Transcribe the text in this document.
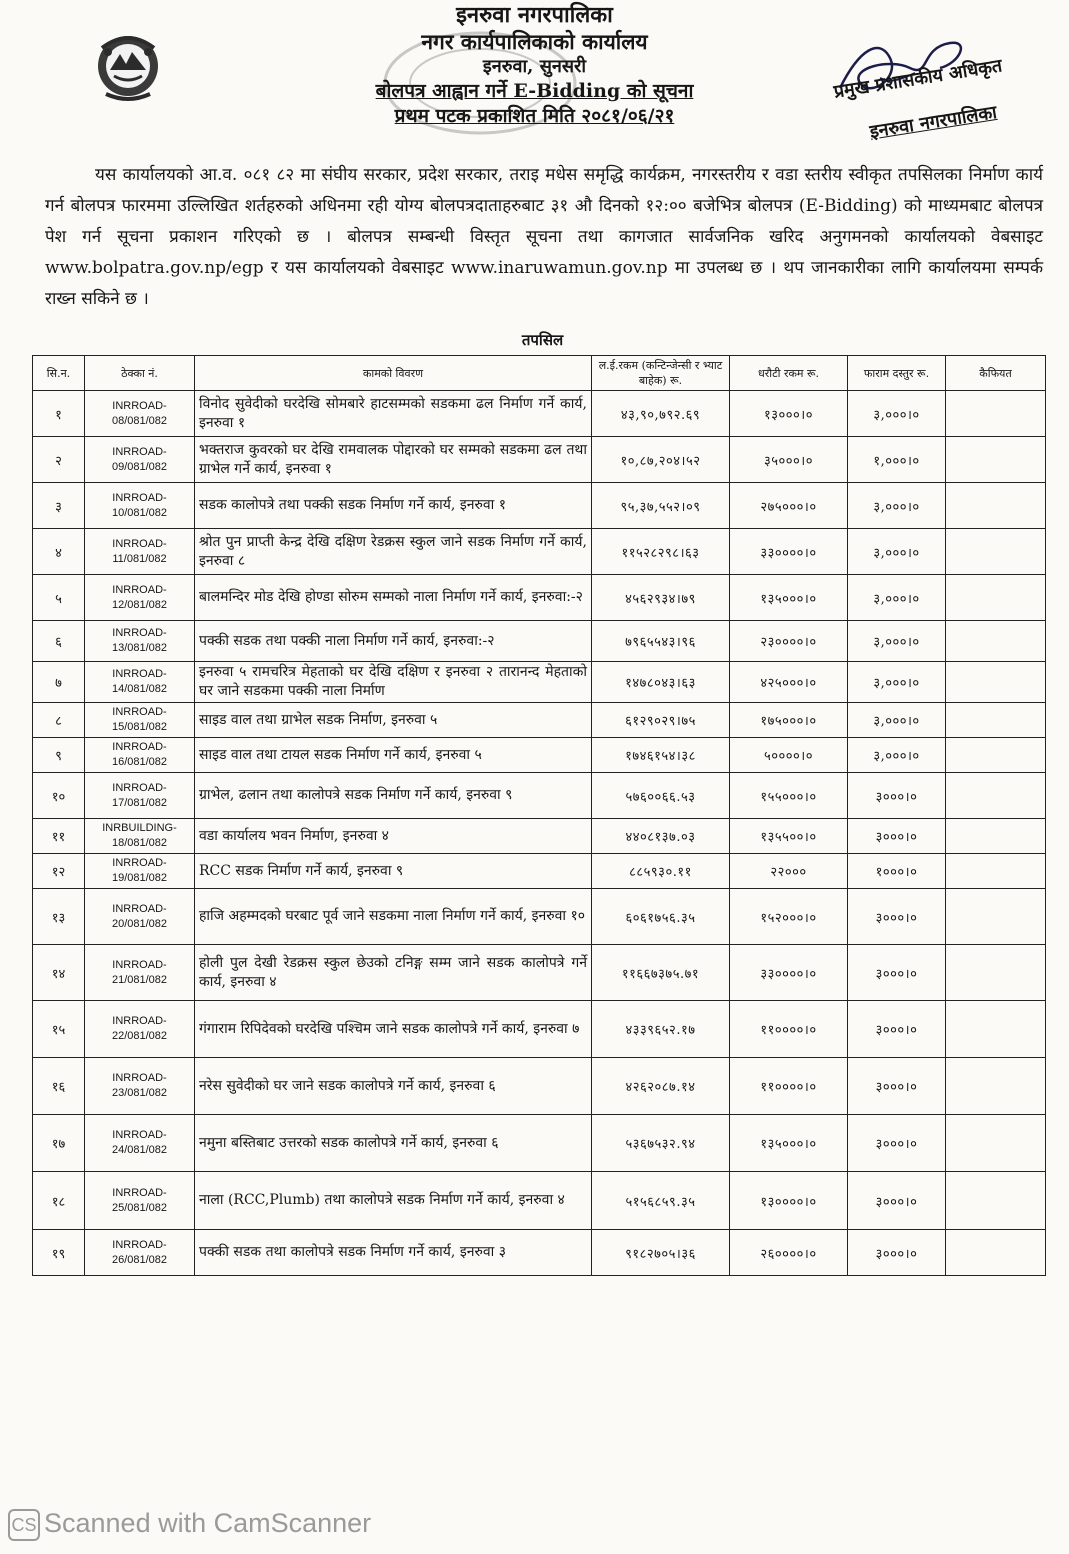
इनरुवा नगरपालिका
नगर कार्यपालिकाको कार्यालय
इनरुवा, सुनसरी
बोलपत्र आह्वान गर्ने E-Bidding को सूचना
प्रथम पटक प्रकाशित मिति २०८१/०६/२१
प्रमुख प्रशासकीय अधिकृत
इनरुवा नगरपालिका
यस कार्यालयको आ.व. ०८१ ८२ मा संघीय सरकार, प्रदेश सरकार, तराइ मधेस समृद्धि कार्यक्रम, नगरस्तरीय र वडा स्तरीय स्वीकृत तपसिलका निर्माण कार्य गर्न बोलपत्र फारममा उल्लिखित शर्तहरुको अधिनमा रही योग्य बोलपत्रदाताहरुबाट ३१ औ दिनको १२:०० बजेभित्र बोलपत्र (E-Bidding) को माध्यमबाट बोलपत्र पेश गर्न सूचना प्रकाशन गरिएको छ । बोलपत्र सम्बन्धी विस्तृत सूचना तथा कागजात सार्वजनिक खरिद अनुगमनको कार्यालयको वेबसाइट www.bolpatra.gov.np/egp र यस कार्यालयको वेबसाइट www.inaruwamun.gov.np मा उपलब्ध छ । थप जानकारीका लागि कार्यालयमा सम्पर्क राख्न सकिने छ ।
तपसिल
सि.न.	ठेक्का नं.	कामको विवरण	ल.ई.रकम (कन्टिन्जेन्सी र भ्याट बाहेक) रू.	धरौटी रकम रू.	फाराम दस्तुर रू.	कैफियत
१	INRROAD-08/081/082	विनोद सुवेदीको घरदेखि सोमबारे हाटसम्मको सडकमा ढल निर्माण गर्ने कार्य, इनरुवा १	४३,९०,७९२.६९	१३०००।०	३,०००।०	
२	INRROAD-09/081/082	भक्तराज कुवरको घर देखि रामवालक पोद्दारको घर सम्मको सडकमा ढल तथा ग्राभेल गर्ने कार्य, इनरुवा १	१०,८७,२०४।५२	३५०००।०	१,०००।०	
३	INRROAD-10/081/082	सडक कालोपत्रे तथा पक्की सडक निर्माण गर्ने कार्य, इनरुवा १	९५,३७,५५२।०९	२७५०००।०	३,०००।०	
४	INRROAD-11/081/082	श्रोत पुन प्राप्ती केन्द्र देखि दक्षिण रेडक्रस स्कुल जाने सडक निर्माण गर्ने कार्य, इनरुवा ८	११५२८२९८।६३	३३००००।०	३,०००।०	
५	INRROAD-12/081/082	बालमन्दिर मोड देखि होण्डा सोरुम सम्मको नाला निर्माण गर्ने कार्य, इनरुवा:-२	४५६२९३४।७९	१३५०००।०	३,०००।०	
६	INRROAD-13/081/082	पक्की सडक तथा पक्की नाला निर्माण गर्ने कार्य, इनरुवा:-२	७९६५५४३।९६	२३००००।०	३,०००।०	
७	INRROAD-14/081/082	इनरुवा ५ रामचरित्र मेहताको घर देखि दक्षिण र इनरुवा २ तारानन्द मेहताको घर जाने सडकमा पक्की नाला निर्माण	१४७८०४३।६३	४२५०००।०	३,०००।०	
८	INRROAD-15/081/082	साइड वाल तथा ग्राभेल सडक निर्माण, इनरुवा ५	६१२९०२९।७५	१७५०००।०	३,०००।०	
९	INRROAD-16/081/082	साइड वाल तथा टायल सडक निर्माण गर्ने कार्य, इनरुवा ५	१७४६१५४।३८	५००००।०	३,०००।०	
१०	INRROAD-17/081/082	ग्राभेल, ढलान तथा कालोपत्रे सडक निर्माण गर्ने कार्य, इनरुवा ९	५७६००६६.५३	१५५०००।०	३०००।०	
११	INRBUILDING-18/081/082	वडा कार्यालय भवन निर्माण, इनरुवा ४	४४०८१३७.०३	१३५५००।०	३०००।०	
१२	INRROAD-19/081/082	RCC सडक निर्माण गर्ने कार्य, इनरुवा ९	८८५९३०.११	२२०००	१०००।०	
१३	INRROAD-20/081/082	हाजि अहम्मदको घरबाट पूर्व जाने सडकमा नाला निर्माण गर्ने कार्य, इनरुवा १०	६०६१७५६.३५	१५२०००।०	३०००।०	
१४	INRROAD-21/081/082	होली पुल देखी रेडक्रस स्कुल छेउको टनिङ्ग सम्म जाने सडक कालोपत्रे गर्ने कार्य, इनरुवा ४	११६६७३७५.७१	३३००००।०	३०००।०	
१५	INRROAD-22/081/082	गंगाराम रिपिदेवको घरदेखि पश्चिम जाने सडक कालोपत्रे गर्ने कार्य, इनरुवा ७	४३३९६५२.१७	११००००।०	३०००।०	
१६	INRROAD-23/081/082	नरेस सुवेदीको घर जाने सडक कालोपत्रे गर्ने कार्य, इनरुवा ६	४२६२०८७.१४	११००००।०	३०००।०	
१७	INRROAD-24/081/082	नमुना बस्तिबाट उत्तरको सडक कालोपत्रे गर्ने कार्य, इनरुवा ६	५३६७५३२.९४	१३५०००।०	३०००।०	
१८	INRROAD-25/081/082	नाला (RCC,Plumb) तथा कालोपत्रे सडक निर्माण गर्ने कार्य, इनरुवा ४	५१५६८५९.३५	१३००००।०	३०००।०	
१९	INRROAD-26/081/082	पक्की सडक तथा कालोपत्रे सडक निर्माण गर्ने कार्य, इनरुवा ३	९१८२७०५।३६	२६००००।०	३०००।०	
CS Scanned with CamScanner
